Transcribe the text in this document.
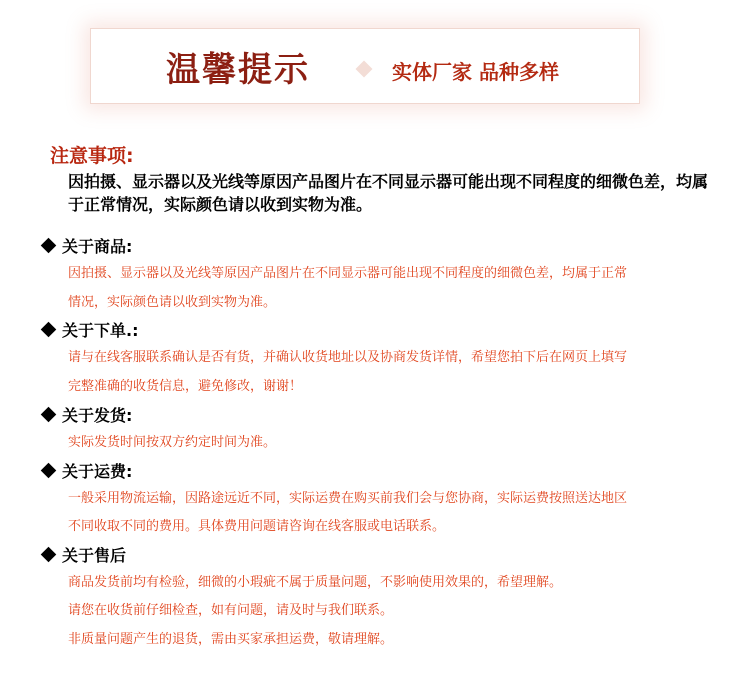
温馨提示	实体厂家 品种多样
注意事项:
因拍摄、显示器以及光线等原因产品图片在不同显示器可能出现不同程度的细微色差，均属于正常情况，实际颜色请以收到实物为准。
关于商品:
因拍摄、显示器以及光线等原因产品图片在不同显示器可能出现不同程度的细微色差，均属于正常
情况，实际颜色请以收到实物为准。
关于下单.:
请与在线客服联系确认是否有货，并确认收货地址以及协商发货详情，希望您拍下后在网页上填写
完整准确的收货信息，避免修改，谢谢！
关于发货:
实际发货时间按双方约定时间为准。
关于运费:
一般采用物流运输，因路途远近不同，实际运费在购买前我们会与您协商，实际运费按照送达地区
不同收取不同的费用。具体费用问题请咨询在线客服或电话联系。
关于售后
商品发货前均有检验，细微的小瑕疵不属于质量问题，不影响使用效果的，希望理解。
请您在收货前仔细检查，如有问题，请及时与我们联系。
非质量问题产生的退货，需由买家承担运费，敬请理解。
